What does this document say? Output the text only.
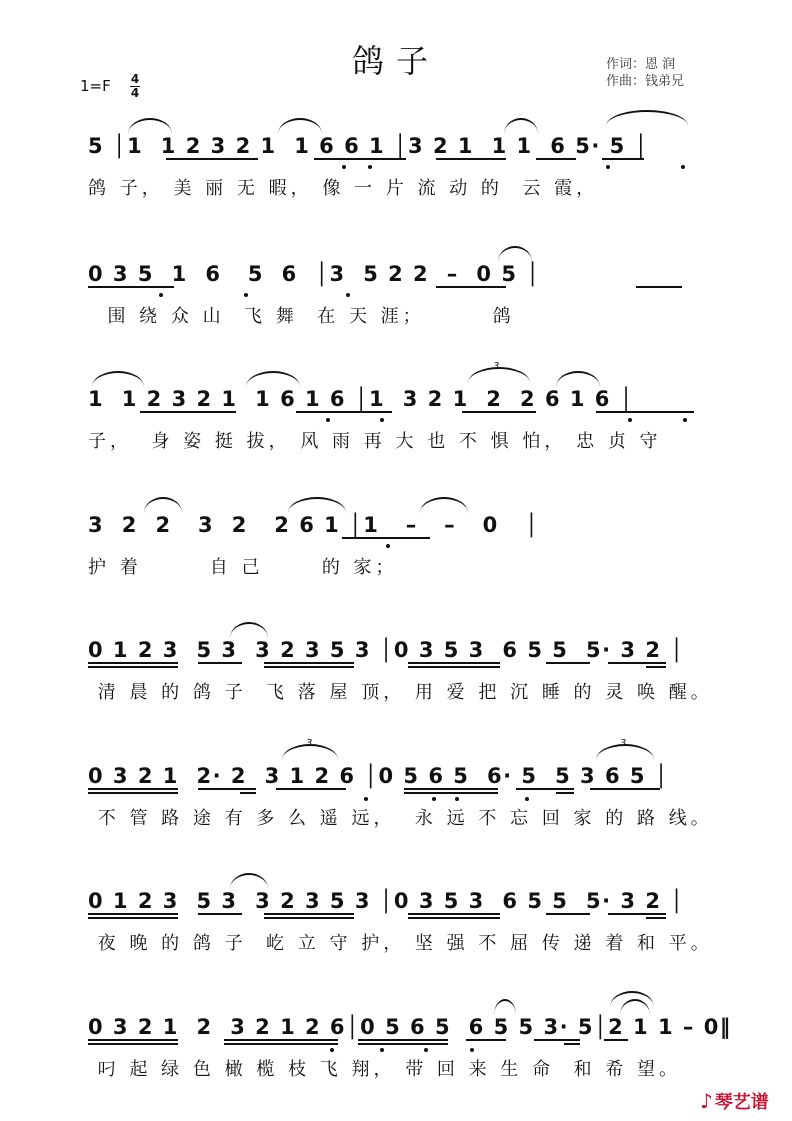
鸽子	作词：恩 润
作曲：钱弟兄
1=F 4
4
5 │1  1 2 3 2 1  1 6 6 1 │3 2 1  1 1  6 5· 5 │
鸽 子， 美 丽 无 暇， 像 一 片 流 动 的  云 霞，
0 3 5  1  6   5  6  │3  5 2 2  –  0 5 │
围 绕 众 山  飞 舞  在 天 涯；       鸽
1  1 2 3 2 1  1 6 1 6 │1  3 2 1  2  2 6 1 6 │
3
子，  身 姿 挺 拔， 风 雨 再 大 也 不 惧 怕， 忠 贞 守
3  2  2   3  2   2 6 1 │1   –   –   0   │
护 着       自 己      的 家；
0 1 2 3  5 3  3 2 3 5 3 │0 3 5 3  6 5 5  5· 3 2 │
清 晨 的 鸽 子  飞 落 屋 顶， 用 爱 把 沉 睡 的 灵 唤 醒。
0 3 2 1  2· 2  3 1 2 6 │0 5 6 5  6· 5  5 3 6 5 │
3	3
不 管 路 途 有 多 么 遥 远，  永 远 不 忘 回 家 的 路 线。
0 1 2 3  5 3  3 2 3 5 3 │0 3 5 3  6 5 5  5· 3 2 │
夜 晚 的 鸽 子  屹 立 守 护， 坚 强 不 屈 传 递 着 和 平。
0 3 2 1  2  3 2 1 2 6│0 5 6 5  6 5 5 3· 5│2 1 1 – 0‖
叼 起 绿 色 橄 榄 枝 飞 翔， 带 回 来 生 命  和 希 望。
♪ 琴艺谱
